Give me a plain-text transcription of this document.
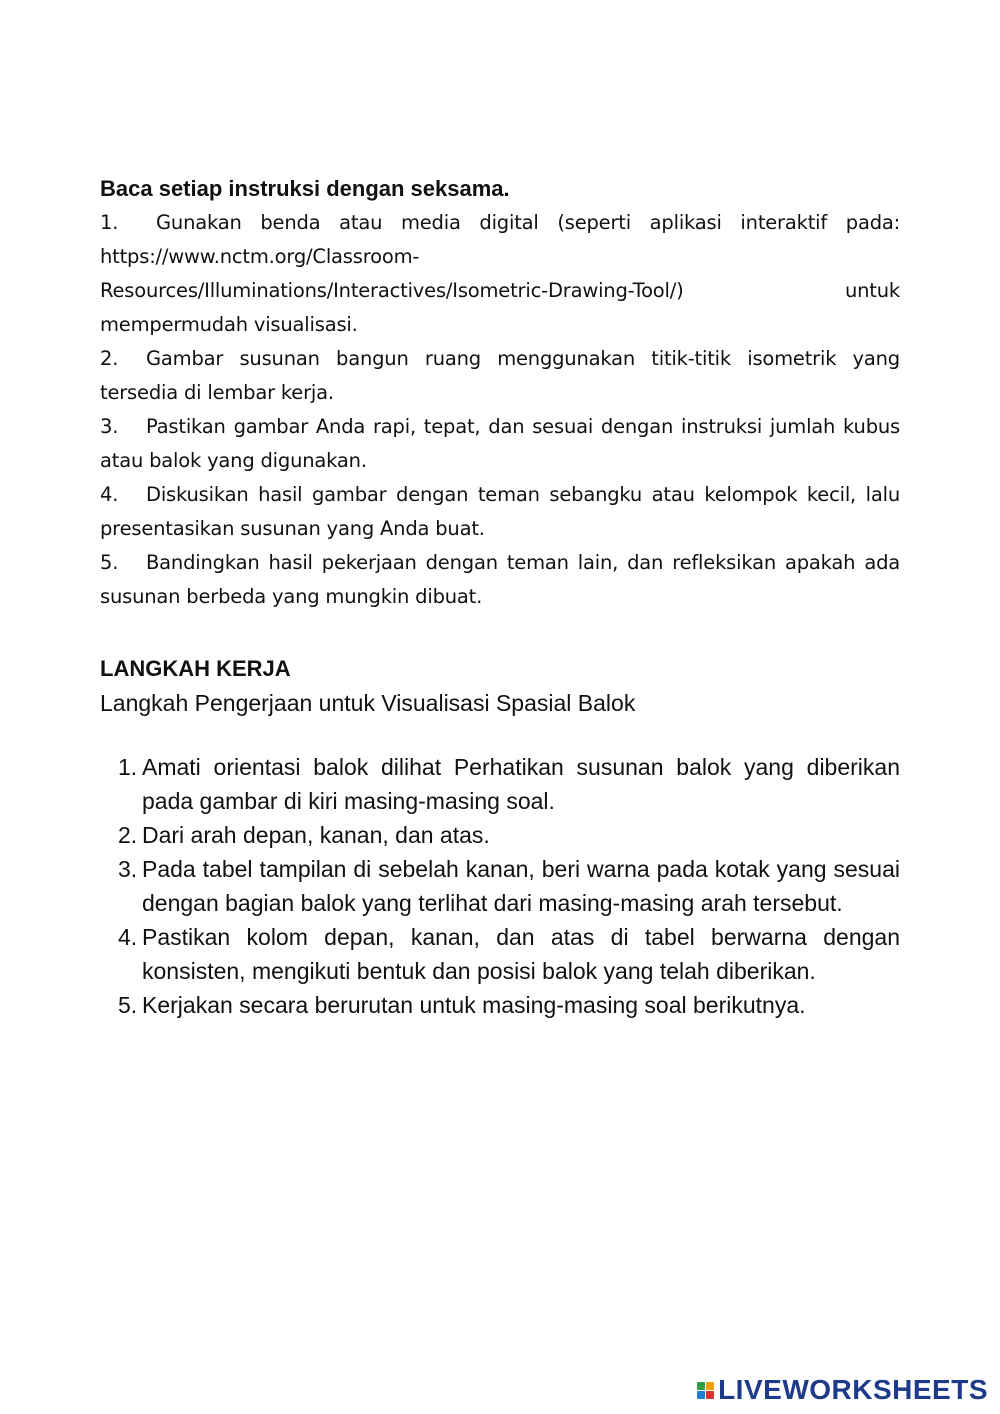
Baca setiap instruksi dengan seksama.

1. Gunakan benda atau media digital (seperti aplikasi interaktif pada:
https://www.nctm.org/Classroom-
Resources/Illuminations/Interactives/Isometric-Drawing-Tool/)	untuk
mempermudah visualisasi.

2. Gambar susunan bangun ruang menggunakan titik-titik isometrik yang tersedia di lembar kerja.

3. Pastikan gambar Anda rapi, tepat, dan sesuai dengan instruksi jumlah kubus atau balok yang digunakan.

4. Diskusikan hasil gambar dengan teman sebangku atau kelompok kecil, lalu presentasikan susunan yang Anda buat.

5. Bandingkan hasil pekerjaan dengan teman lain, dan refleksikan apakah ada susunan berbeda yang mungkin dibuat.

LANGKAH KERJA

Langkah Pengerjaan untuk Visualisasi Spasial Balok

1. Amati orientasi balok dilihat Perhatikan susunan balok yang diberikan pada gambar di kiri masing-masing soal.
2. Dari arah depan, kanan, dan atas.
3. Pada tabel tampilan di sebelah kanan, beri warna pada kotak yang sesuai dengan bagian balok yang terlihat dari masing-masing arah tersebut.
4. Pastikan kolom depan, kanan, dan atas di tabel berwarna dengan konsisten, mengikuti bentuk dan posisi balok yang telah diberikan.
5. Kerjakan secara berurutan untuk masing-masing soal berikutnya.
LIVEWORKSHEETS
